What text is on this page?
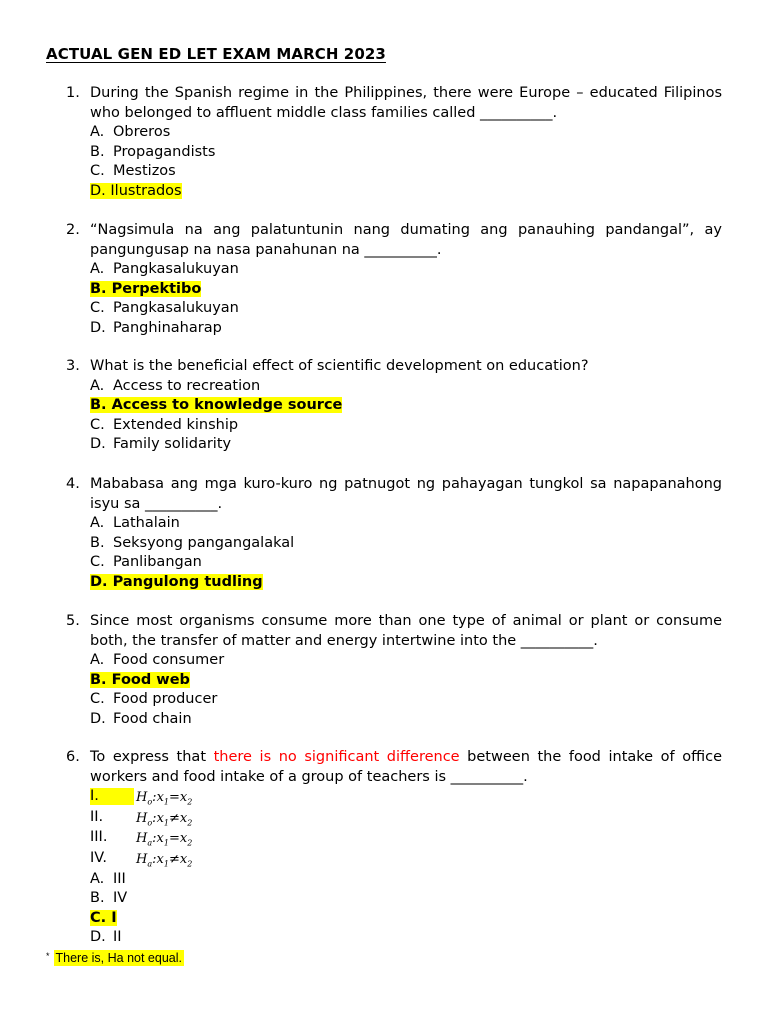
ACTUAL GEN ED LET EXAM MARCH 2023
1. During the Spanish regime in the Philippines, there were Europe – educated Filipinos who belonged to affluent middle class families called __________.
A. Obreros
B. Propagandists
C. Mestizos
D. Ilustrados
2. “Nagsimula na ang palatuntunin nang dumating ang panauhing pandangal”, ay pangungusap na nasa panahunan na __________.
A. Pangkasalukuyan
B. Perpektibo
C. Pangkasalukuyan
D. Panghinaharap
3. What is the beneficial effect of scientific development on education?
A. Access to recreation
B. Access to knowledge source
C. Extended kinship
D. Family solidarity
4. Mababasa ang mga kuro-kuro ng patnugot ng pahayagan tungkol sa napapanahong isyu sa __________.
A. Lathalain
B. Seksyong pangangalakal
C. Panlibangan
D. Pangulong tudling
5. Since most organisms consume more than one type of animal or plant or consume both, the transfer of matter and energy intertwine into the __________.
A. Food consumer
B. Food web
C. Food producer
D. Food chain
6. To express that there is no significant difference between the food intake of office workers and food intake of a group of teachers is __________.
I.	$H_o:x_1=x_2$
II.	$H_o:x_1\ne x_2$
III. $H_a:x_1=x_2$
IV. $H_a:x_1\ne x_2$
A. III
B. IV
C. I
D. II
* There is, Ha not equal.
